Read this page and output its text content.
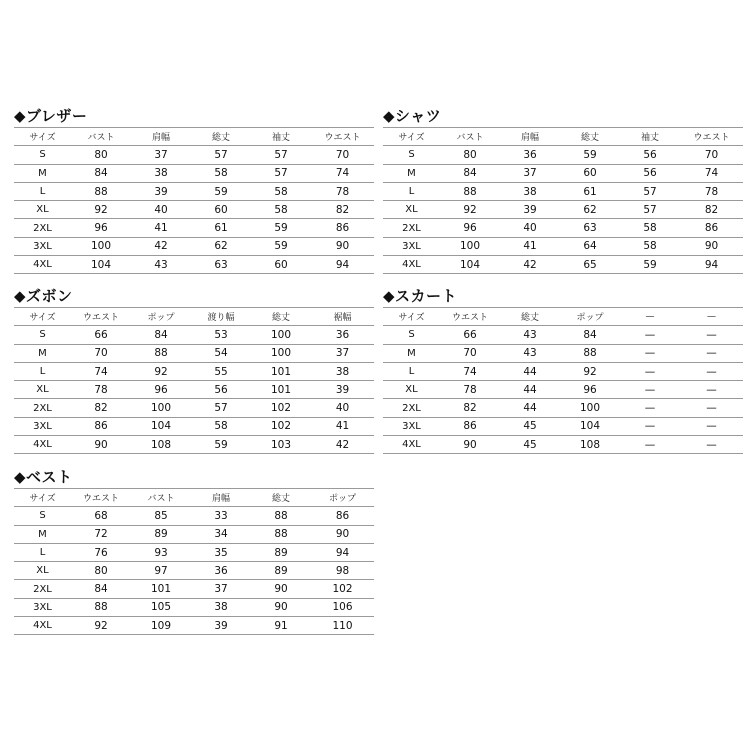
◆ブレザー
サイズ	バスト	肩幅	総丈	袖丈	ウエスト
S	80	37	57	57	70
M	84	38	58	57	74
L	88	39	59	58	78
XL	92	40	60	58	82
2XL	96	41	61	59	86
3XL	100	42	62	59	90
4XL	104	43	63	60	94
◆シャツ
サイズ	バスト	肩幅	総丈	袖丈	ウエスト
S	80	36	59	56	70
M	84	37	60	56	74
L	88	38	61	57	78
XL	92	39	62	57	82
2XL	96	40	63	58	86
3XL	100	41	64	58	90
4XL	104	42	65	59	94
◆ズボン
サイズ	ウエスト	ポップ	渡り幅	総丈	裾幅
S	66	84	53	100	36
M	70	88	54	100	37
L	74	92	55	101	38
XL	78	96	56	101	39
2XL	82	100	57	102	40
3XL	86	104	58	102	41
4XL	90	108	59	103	42
◆スカート
サイズ	ウエスト	総丈	ポップ	—	—
S	66	43	84	—	—
M	70	43	88	—	—
L	74	44	92	—	—
XL	78	44	96	—	—
2XL	82	44	100	—	—
3XL	86	45	104	—	—
4XL	90	45	108	—	—
◆ベスト
サイズ	ウエスト	バスト	肩幅	総丈	ポップ
S	68	85	33	88	86
M	72	89	34	88	90
L	76	93	35	89	94
XL	80	97	36	89	98
2XL	84	101	37	90	102
3XL	88	105	38	90	106
4XL	92	109	39	91	110
